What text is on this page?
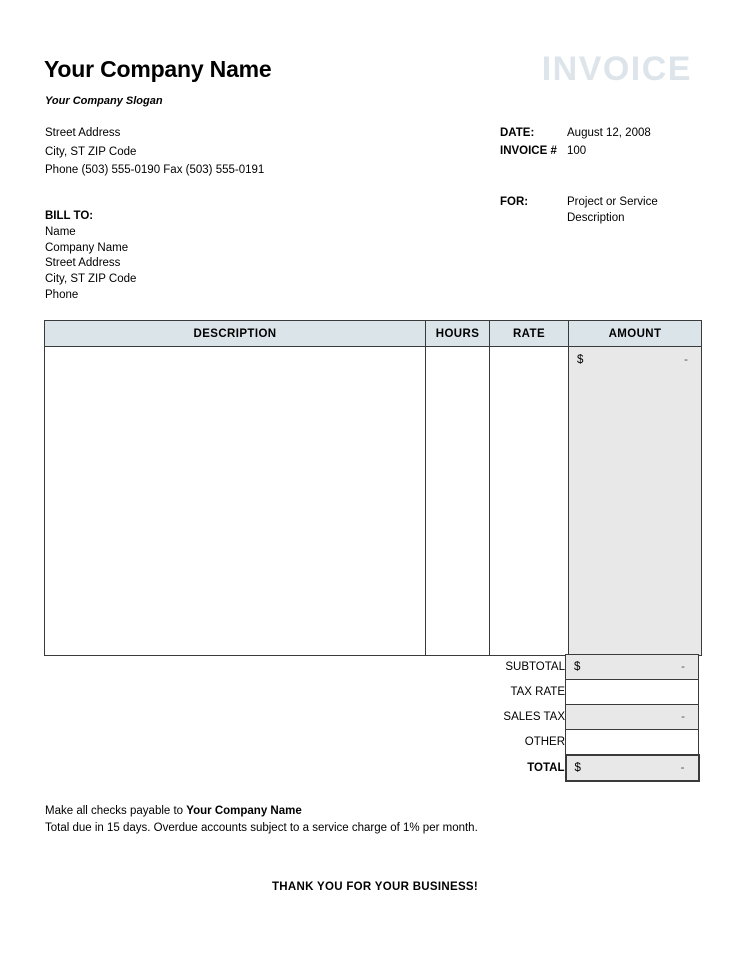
Your Company Name
Your Company Slogan
Street Address
City, ST ZIP Code
Phone (503) 555-0190 Fax (503) 555-0191
INVOICE
DATE:	August 12, 2008
INVOICE # 100
FOR:	Project or Service
Description
BILL TO:
Name
Company Name
Street Address
City, ST ZIP Code
Phone
DESCRIPTION	HOURS	RATE	AMOUNT

			$ -
	SUBTOTAL	$ -

	TAX RATE	

	SALES TAX	-

	OTHER	

	TOTAL	$ -
Make all checks payable to Your Company Name
Total due in 15 days. Overdue accounts subject to a service charge of 1% per month.
THANK YOU FOR YOUR BUSINESS!
